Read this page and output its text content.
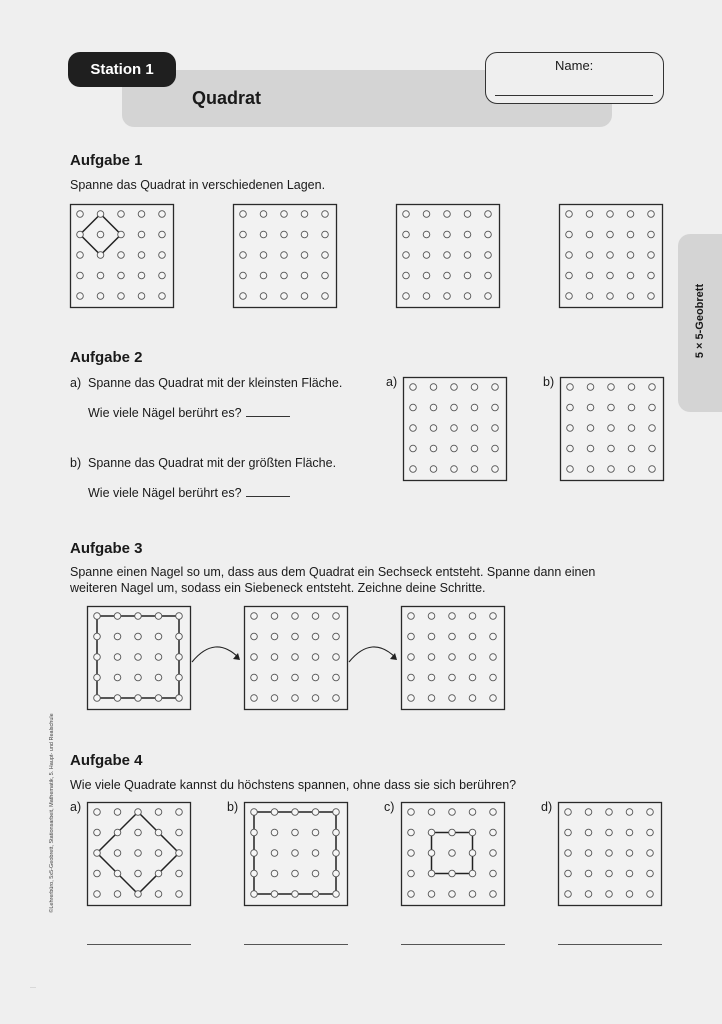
Station 1
Quadrat
Name:
5 × 5-Geobrett
©Lehrerbüro, 5x5-Geobrett, Stationsarbeit, Mathematik, 5. Haupt- und Realschule
—
Aufgabe 1
Spanne das Quadrat in verschiedenen Lagen.
Aufgabe 2
a) Spanne das Quadrat mit der kleinsten Fläche.
Wie viele Nägel berührt es?
b) Spanne das Quadrat mit der größten Fläche.
Wie viele Nägel berührt es?
a)	b)
Aufgabe 3
Spanne einen Nagel so um, dass aus dem Quadrat ein Sechseck entsteht. Spanne dann einen
weiteren Nagel um, sodass ein Siebeneck entsteht. Zeichne deine Schritte.
Aufgabe 4
Wie viele Quadrate kannst du höchstens spannen, ohne dass sie sich berühren?
a)	b)	c)	d)
